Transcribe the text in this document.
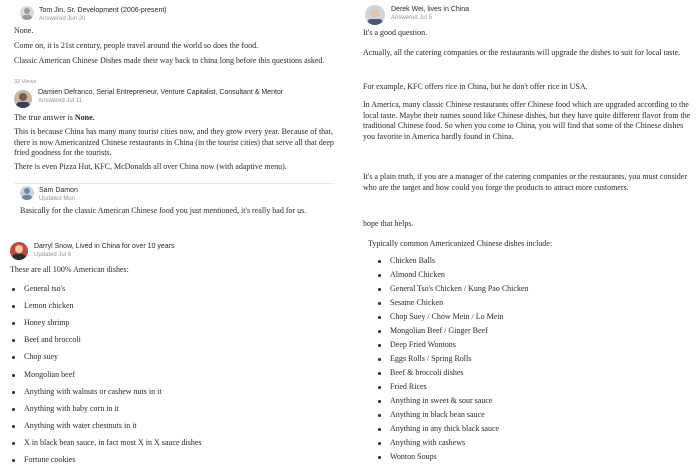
Tom Jin, Sr. Development (2006-present)
Answered Jun 20

None.

Come on, it is 21st century, people travel around the world so does the food.

Classic American Chinese Dishes made their way back to china long before this questions asked.

32 Views
Damien Defranco, Serial Entrepreneur, Venture Capitalist, Consultant & Mentor
Answered Jul 11

The true answer is None.

This is because China has many many tourist cities now, and they grow every year. Because of that, there is now Americanized Chinese restaurants in China (in the tourist cities) that serve all that deep fried goodness for the tourists.

There is even Pizza Hut, KFC, McDonalds all over China now (with adaptive menu).

Sam Damon
Updated Mon

Basically for the classic American Chinese food you just mentioned, it's really bad for us.

Darryl Snow, Lived in China for over 10 years
Updated Jul 6

These are all 100% American dishes:

General tso's
Lemon chicken
Honey shrimp
Beef and broccoli
Chop suey
Mongolian beef
Anything with walnuts or cashew nuts in it
Anything with baby corn in it
Anything with water chestnuts in it
X in black bean sauce, in fact most X in X sauce dishes
Fortune cookies
Derek Wei, lives in China
Answered Jul 5

It's a good question.

Actually, all the catering companies or the restaurants will upgrade the dishes to suit for local taste.

For example, KFC offers rice in China, but he don't offer rice in USA.

In America, many classic Chinese restaurants offer Chinese food which are upgraded according to the local taste. Maybe their names sound like Chinese dishes, but they have quite different flavor from the traditional Chinese food. So when you come to China, you will find that some of the Chinese dishes you favorite in America hardly found in China.

It's a plain truth, if you are a manager of the catering companies or the restaurants, you must consider who are the target and how could you forge the products to attract more customers.

hope that helps.

Typically common Americanized Chinese dishes include:

Chicken Balls
Almond Chicken
General Tso's Chicken / Kung Pao Chicken
Sesame Chicken
Chop Suey / Chow Mein / Lo Mein
Mongolian Beef / Ginger Beef
Deep Fried Wontons
Eggs Rolls / Spring Rolls
Beef & broccoli dishes
Fried Rices
Anything in sweet & sour sauce
Anything in black bean sauce
Anything in any thick black sauce
Anything with cashews
Wonton Soups
